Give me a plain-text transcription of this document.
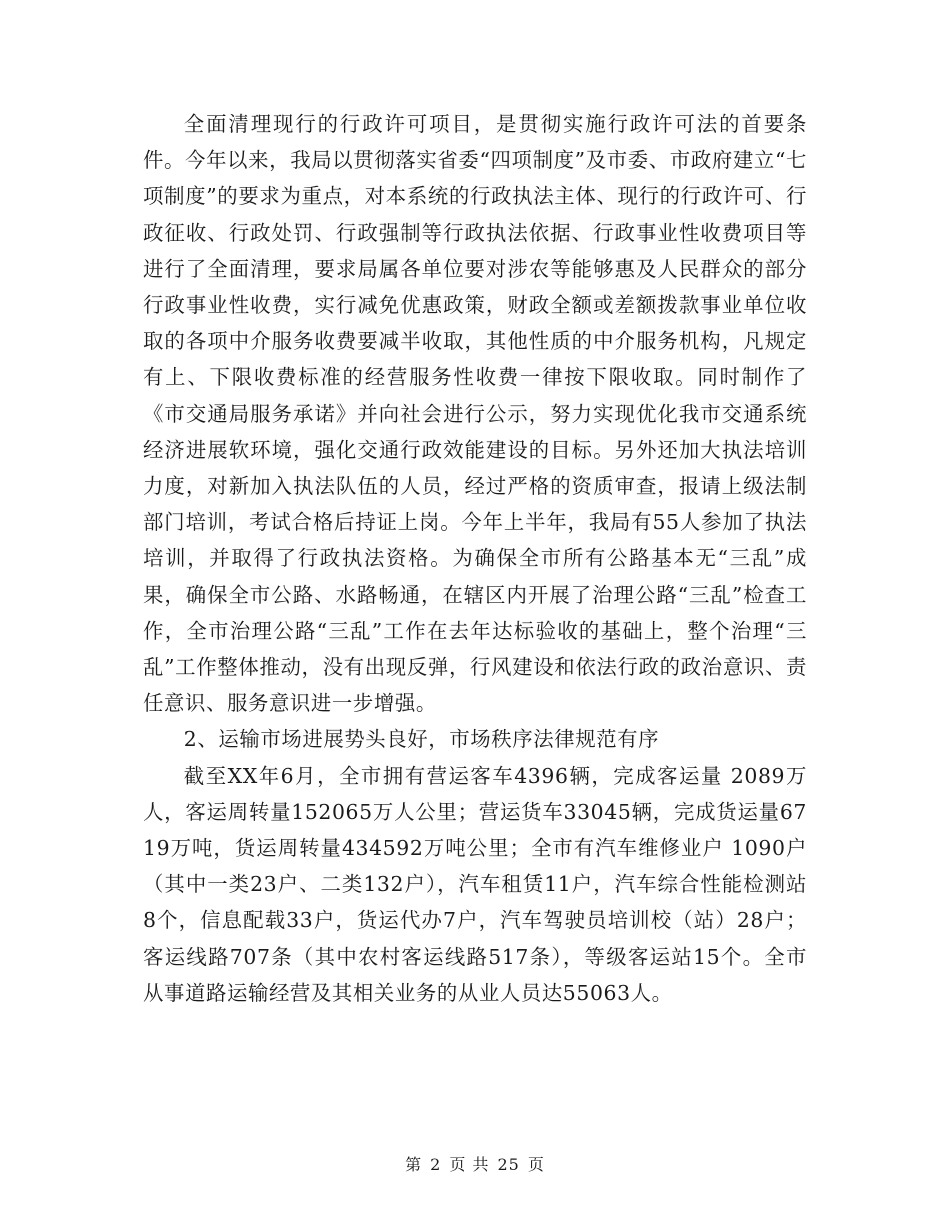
全面清理现行的行政许可项目，是贯彻实施行政许可法的首要条件。今年以来，我局以贯彻落实省委“四项制度”及市委、市政府建立“七项制度”的要求为重点，对本系统的行政执法主体、现行的行政许可、行政征收、行政处罚、行政强制等行政执法依据、行政事业性收费项目等进行了全面清理，要求局属各单位要对涉农等能够惠及人民群众的部分行政事业性收费，实行减免优惠政策，财政全额或差额拨款事业单位收取的各项中介服务收费要减半收取，其他性质的中介服务机构，凡规定有上、下限收费标准的经营服务性收费一律按下限收取。同时制作了《市交通局服务承诺》并向社会进行公示，努力实现优化我市交通系统经济进展软环境，强化交通行政效能建设的目标。另外还加大执法培训力度，对新加入执法队伍的人员，经过严格的资质审查，报请上级法制部门培训，考试合格后持证上岗。今年上半年，我局有55人参加了执法培训，并取得了行政执法资格。为确保全市所有公路基本无“三乱”成果，确保全市公路、水路畅通，在辖区内开展了治理公路“三乱”检查工作，全市治理公路“三乱”工作在去年达标验收的基础上，整个治理“三乱”工作整体推动，没有出现反弹，行风建设和依法行政的政治意识、责任意识、服务意识进一步增强。

2、运输市场进展势头良好，市场秩序法律规范有序

截至XX年6月，全市拥有营运客车4396辆，完成客运量 2089万人，客运周转量152065万人公里；营运货车33045辆，完成货运量6719万吨，货运周转量434592万吨公里；全市有汽车维修业户 1090户（其中一类23户、二类132户），汽车租赁11户，汽车综合性能检测站8个，信息配载33户，货运代办7户，汽车驾驶员培训校（站）28户；客运线路707条（其中农村客运线路517条），等级客运站15个。全市从事道路运输经营及其相关业务的从业人员达55063人。

第 2 页 共 25 页
